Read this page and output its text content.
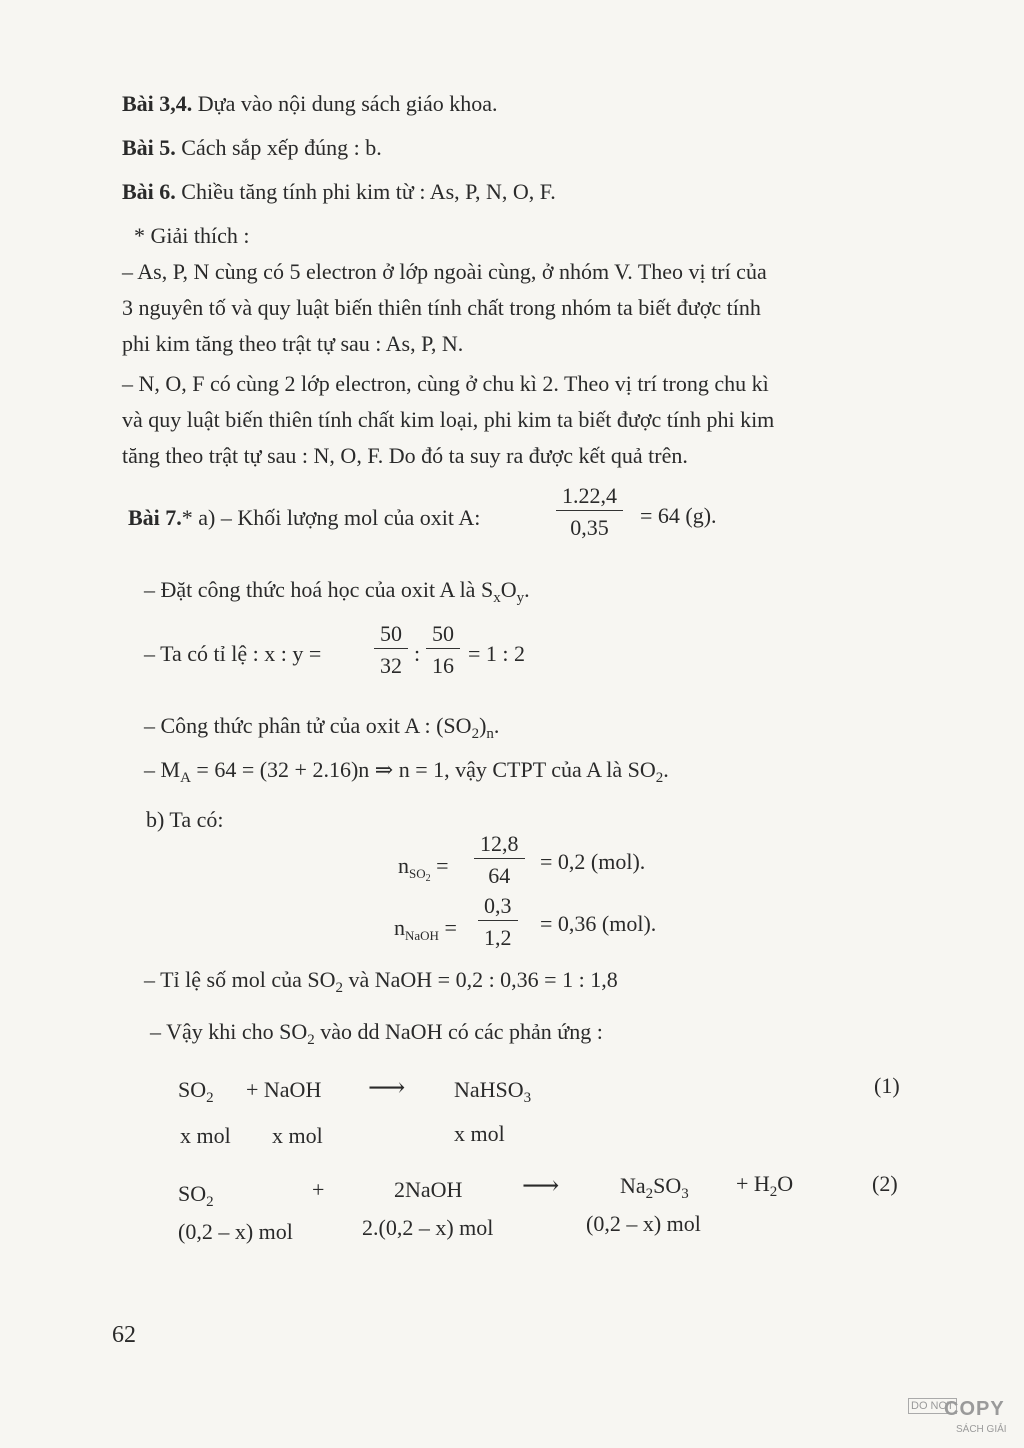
Bài 3,4. Dựa vào nội dung sách giáo khoa.
Bài 5. Cách sắp xếp đúng : b.
Bài 6. Chiều tăng tính phi kim từ : As, P, N, O, F.
* Giải thích :
– As, P, N cùng có 5 electron ở lớp ngoài cùng, ở nhóm V. Theo vị trí của
3 nguyên tố và quy luật biến thiên tính chất trong nhóm ta biết được tính
phi kim tăng theo trật tự sau : As, P, N.
– N, O, F có cùng 2 lớp electron, cùng ở chu kì 2. Theo vị trí trong chu kì
và quy luật biến thiên tính chất kim loại, phi kim ta biết được tính phi kim
tăng theo trật tự sau : N, O, F. Do đó ta suy ra được kết quả trên.
Bài 7.* a) – Khối lượng mol của oxit A:	$\frac{1.22,4}{0,35} = 64$ (g).
– Đặt công thức hoá học của oxit A là $S_xO_y$.
– Ta có tỉ lệ : x : $y = \frac{50}{32}$ : $\frac{50}{16} = 1$ : 2
– Công thức phân tử của oxit A : $(SO_2)_n$.
– $M_A = 64 = (32 + 2.16)n$ ⇒ n = 1, vậy CTPT của A là $SO_2$.
b) Ta có:
$n_{SO_2} = \frac{12,8}{64} = 0,2$ (mol).
$n_{NaOH} = \frac{0,3}{1,2} = 0,36$ (mol).
– Tỉ lệ số mol của $SO_2$ và NaOH = 0,2 : 0,36 = 1 : 1,8
– Vậy khi cho $SO_2$ vào dd NaOH có các phản ứng :
$SO_2$ + NaOH ⟶ NaHSO$_3$	(1)
x mol x mol	x mol
$SO_2$	+	2NaOH ⟶	$Na_2SO_3 + H_2O$	(2)
(0,2 – x) mol	2.(0,2 – x) mol	(0,2 – x) mol
62
DO NOT
COPY
SÁCH GIẢI
